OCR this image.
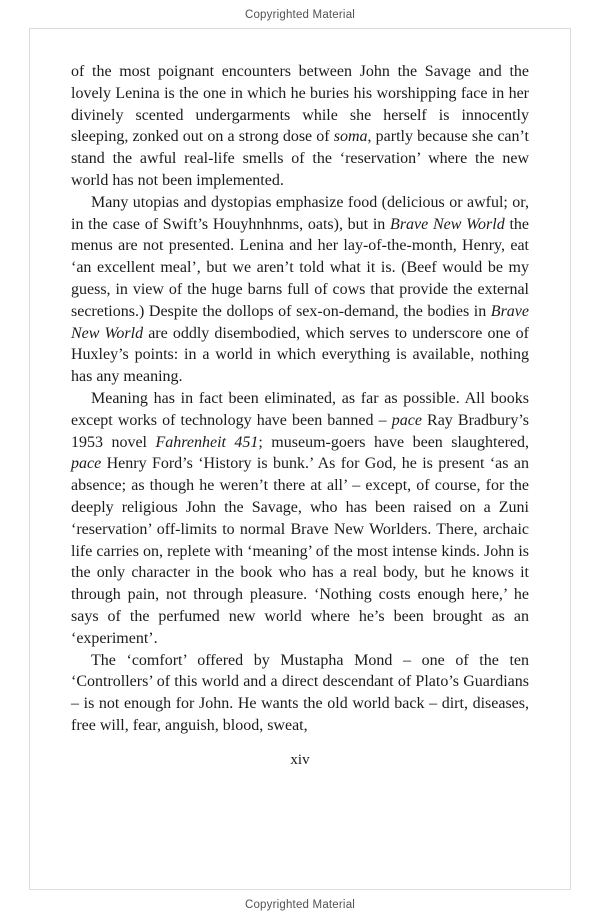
Copyrighted Material

of the most poignant encounters between John the Savage and the lovely Lenina is the one in which he buries his worshipping face in her divinely scented undergarments while she herself is innocently sleeping, zonked out on a strong dose of soma, partly because she can’t stand the awful real-life smells of the ‘reservation’ where the new world has not been implemented.

Many utopias and dystopias emphasize food (delicious or awful; or, in the case of Swift’s Houyhnhnms, oats), but in Brave New World the menus are not presented. Lenina and her lay-of-the-month, Henry, eat ‘an excellent meal’, but we aren’t told what it is. (Beef would be my guess, in view of the huge barns full of cows that provide the external secretions.) Despite the dollops of sex-on-demand, the bodies in Brave New World are oddly disembodied, which serves to underscore one of Huxley’s points: in a world in which everything is available, nothing has any meaning.

Meaning has in fact been eliminated, as far as possible. All books except works of technology have been banned – pace Ray Bradbury’s 1953 novel Fahrenheit 451; museum-goers have been slaughtered, pace Henry Ford’s ‘History is bunk.’ As for God, he is present ‘as an absence; as though he weren’t there at all’ – except, of course, for the deeply religious John the Savage, who has been raised on a Zuni ‘reservation’ off-limits to normal Brave New Worlders. There, archaic life carries on, replete with ‘meaning’ of the most intense kinds. John is the only character in the book who has a real body, but he knows it through pain, not through pleasure. ‘Nothing costs enough here,’ he says of the perfumed new world where he’s been brought as an ‘experiment’.

The ‘comfort’ offered by Mustapha Mond – one of the ten ‘Controllers’ of this world and a direct descendant of Plato’s Guardians – is not enough for John. He wants the old world back – dirt, diseases, free will, fear, anguish, blood, sweat,

xiv
Copyrighted Material
